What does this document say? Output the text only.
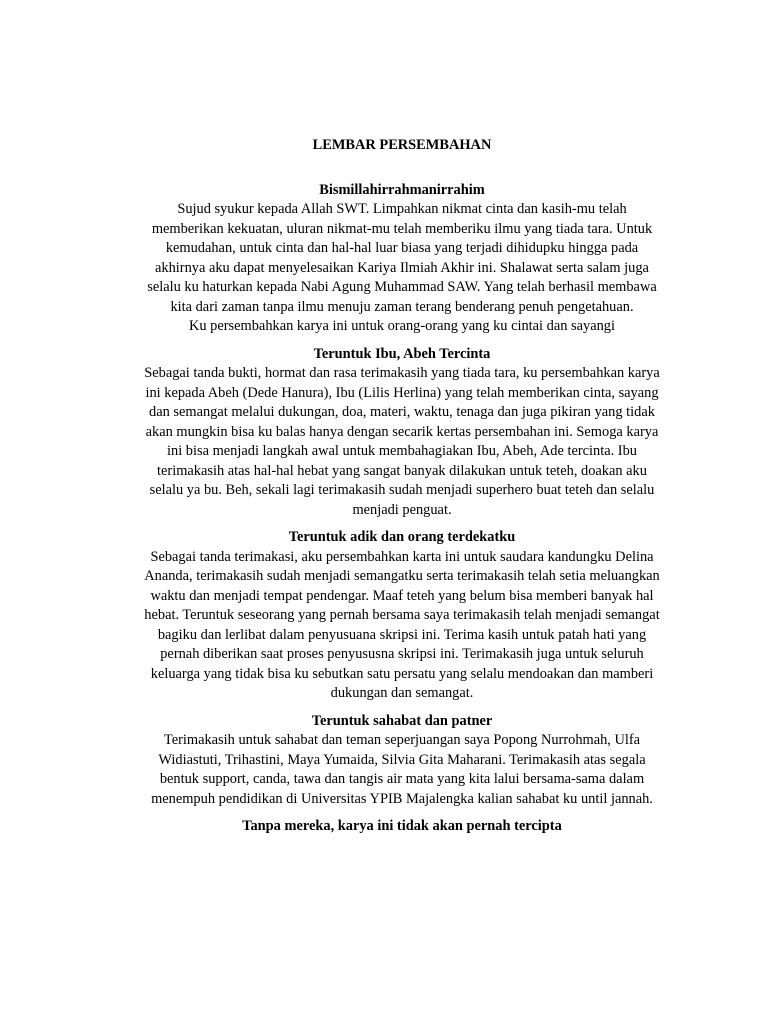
LEMBAR PERSEMBAHAN

Bismillahirrahmanirrahim

Sujud syukur kepada Allah SWT. Limpahkan nikmat cinta dan kasih-mu telah memberikan kekuatan, uluran nikmat-mu telah memberiku ilmu yang tiada tara. Untuk kemudahan, untuk cinta dan hal-hal luar biasa yang terjadi dihidupku hingga pada akhirnya aku dapat menyelesaikan Kariya Ilmiah Akhir ini. Shalawat serta salam juga selalu ku haturkan kepada Nabi Agung Muhammad SAW. Yang telah berhasil membawa kita dari zaman tanpa ilmu menuju zaman terang benderang penuh pengetahuan.

Ku persembahkan karya ini untuk orang-orang yang ku cintai dan sayangi

Teruntuk Ibu, Abeh Tercinta

Sebagai tanda bukti, hormat dan rasa terimakasih yang tiada tara, ku persembahkan karya ini kepada Abeh (Dede Hanura), Ibu (Lilis Herlina) yang telah memberikan cinta, sayang dan semangat melalui dukungan, doa, materi, waktu, tenaga dan juga pikiran yang tidak akan mungkin bisa ku balas hanya dengan secarik kertas persembahan ini. Semoga karya ini bisa menjadi langkah awal untuk membahagiakan Ibu, Abeh, Ade tercinta. Ibu terimakasih atas hal-hal hebat yang sangat banyak dilakukan untuk teteh, doakan aku selalu ya bu. Beh, sekali lagi terimakasih sudah menjadi superhero buat teteh dan selalu menjadi penguat.

Teruntuk adik dan orang terdekatku

Sebagai tanda terimakasi, aku persembahkan karta ini untuk saudara kandungku Delina Ananda, terimakasih sudah menjadi semangatku serta terimakasih telah setia meluangkan waktu dan menjadi tempat pendengar. Maaf teteh yang belum bisa memberi banyak hal hebat. Teruntuk seseorang yang pernah bersama saya terimakasih telah menjadi semangat bagiku dan lerlibat dalam penyusuana skripsi ini. Terima kasih untuk patah hati yang pernah diberikan saat proses penyususna skripsi ini. Terimakasih juga untuk seluruh keluarga yang tidak bisa ku sebutkan satu persatu yang selalu mendoakan dan mamberi dukungan dan semangat.

Teruntuk sahabat dan patner

Terimakasih untuk sahabat dan teman seperjuangan saya Popong Nurrohmah, Ulfa Widiastuti, Trihastini, Maya Yumaida, Silvia Gita Maharani. Terimakasih atas segala bentuk support, canda, tawa dan tangis air mata yang kita lalui bersama-sama dalam menempuh pendidikan di Universitas YPIB Majalengka kalian sahabat ku until jannah.

Tanpa mereka, karya ini tidak akan pernah tercipta
